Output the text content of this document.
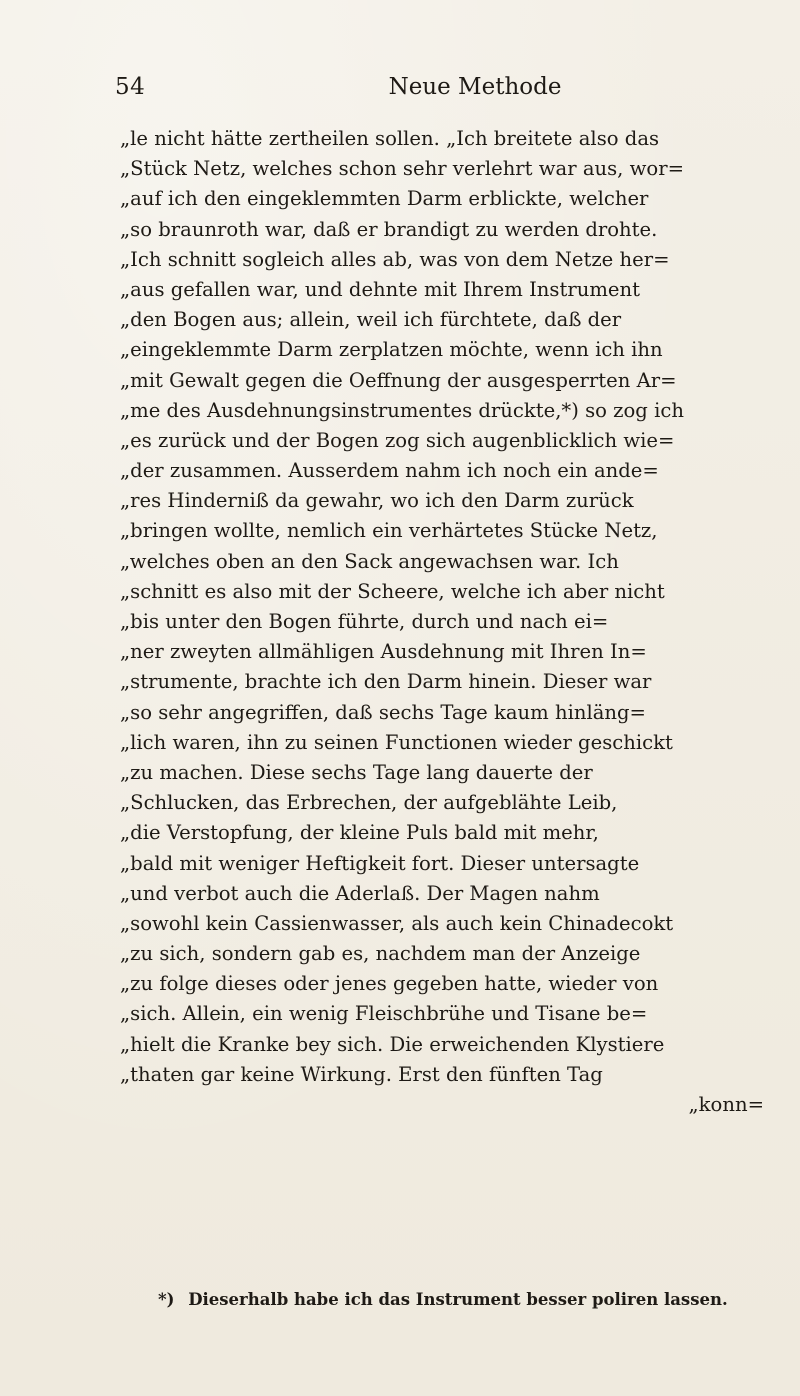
54	Neue Methode
„le nicht hätte zertheilen sollen. „Ich breitete also das
„Stück Netz, welches schon sehr verlehrt war aus, wor=
„auf ich den eingeklemmten Darm erblickte, welcher
„so braunroth war, daß er brandigt zu werden drohte.
„Ich schnitt sogleich alles ab, was von dem Netze her=
„aus gefallen war, und dehnte mit Ihrem Instrument
„den Bogen aus; allein, weil ich fürchtete, daß der
„eingeklemmte Darm zerplatzen möchte, wenn ich ihn
„mit Gewalt gegen die Oeffnung der ausgesperrten Ar=
„me des Ausdehnungsinstrumentes drückte,*) so zog ich
„es zurück und der Bogen zog sich augenblicklich wie=
„der zusammen. Ausserdem nahm ich noch ein ande=
„res Hinderniß da gewahr, wo ich den Darm zurück
„bringen wollte, nemlich ein verhärtetes Stücke Netz,
„welches oben an den Sack angewachsen war. Ich
„schnitt es also mit der Scheere, welche ich aber nicht
„bis unter den Bogen führte, durch und nach ei=
„ner zweyten allmähligen Ausdehnung mit Ihren In=
„strumente, brachte ich den Darm hinein. Dieser war
„so sehr angegriffen, daß sechs Tage kaum hinläng=
„lich waren, ihn zu seinen Functionen wieder geschickt
„zu machen. Diese sechs Tage lang dauerte der
„Schlucken, das Erbrechen, der aufgeblähte Leib,
„die Verstopfung, der kleine Puls bald mit mehr,
„bald mit weniger Heftigkeit fort. Dieser untersagte
„und verbot auch die Aderlaß. Der Magen nahm
„sowohl kein Cassienwasser, als auch kein Chinadecokt
„zu sich, sondern gab es, nachdem man der Anzeige
„zu folge dieses oder jenes gegeben hatte, wieder von
„sich. Allein, ein wenig Fleischbrühe und Tisane be=
„hielt die Kranke bey sich. Die erweichenden Klystiere
„thaten gar keine Wirkung. Erst den fünften Tag
„konn=
*) Dieserhalb habe ich das Instrument besser poliren lassen.
